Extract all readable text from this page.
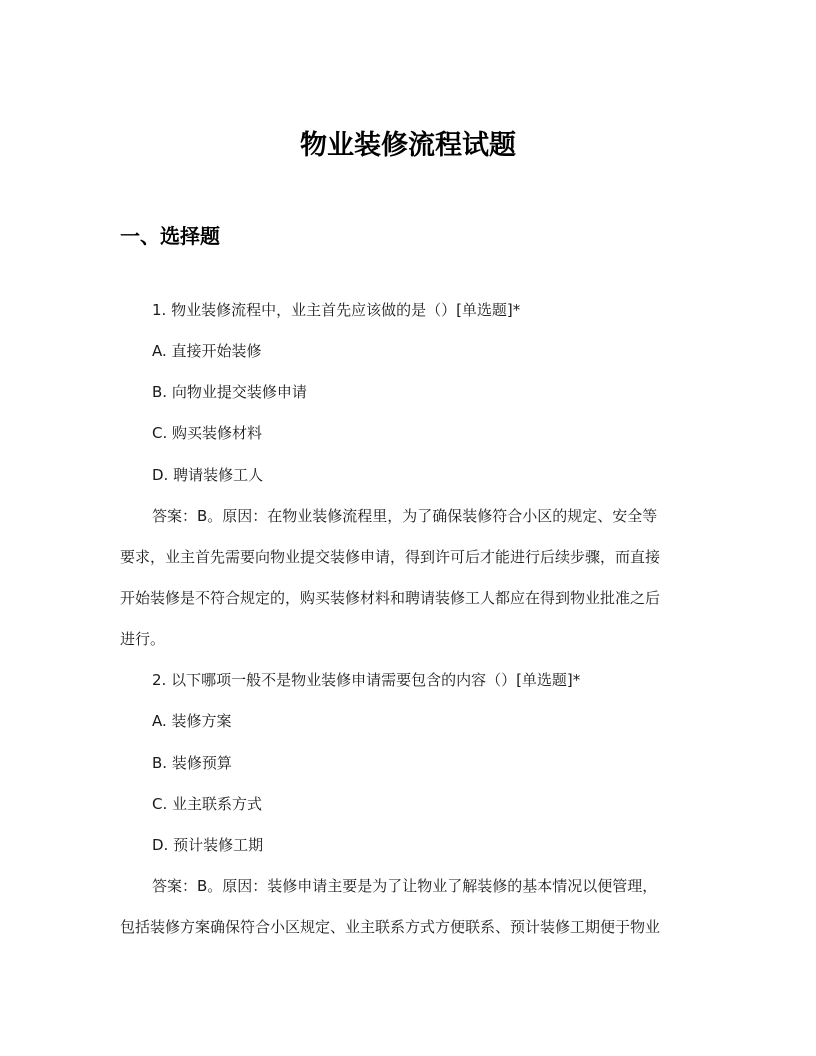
物业装修流程试题
一、选择题

1. 物业装修流程中，业主首先应该做的是（）[单选题]*

A. 直接开始装修

B. 向物业提交装修申请

C. 购买装修材料

D. 聘请装修工人

答案：B。原因：在物业装修流程里，为了确保装修符合小区的规定、安全等

要求，业主首先需要向物业提交装修申请，得到许可后才能进行后续步骤，而直接

开始装修是不符合规定的，购买装修材料和聘请装修工人都应在得到物业批准之后

进行。

2. 以下哪项一般不是物业装修申请需要包含的内容（）[单选题]*

A. 装修方案

B. 装修预算

C. 业主联系方式

D. 预计装修工期

答案：B。原因：装修申请主要是为了让物业了解装修的基本情况以便管理，

包括装修方案确保符合小区规定、业主联系方式方便联系、预计装修工期便于物业
